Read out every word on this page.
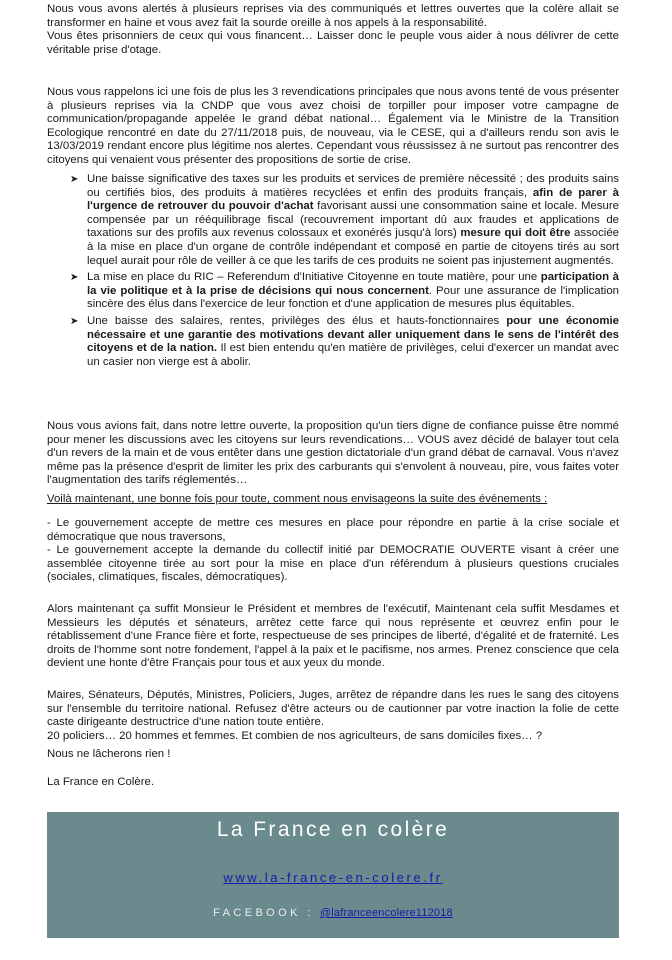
Nous vous avons alertés à plusieurs reprises via des communiqués et lettres ouvertes que la colère allait se transformer en haine et vous avez fait la sourde oreille à nos appels à la responsabilité.
Vous êtes prisonniers de ceux qui vous financent… Laisser donc le peuple vous aider à nous délivrer de cette véritable prise d'otage.

Nous vous rappelons ici une fois de plus les 3 revendications principales que nous avons tenté de vous présenter à plusieurs reprises via la CNDP que vous avez choisi de torpiller pour imposer votre campagne de communication/propagande appelée le grand débat national… Également via le Ministre de la Transition Ecologique rencontré en date du 27/11/2018 puis, de nouveau, via le CESE, qui a d'ailleurs rendu son avis le 13/03/2019 rendant encore plus légitime nos alertes. Cependant vous réussissez à ne surtout pas rencontrer des citoyens qui venaient vous présenter des propositions de sortie de crise.

➤ Une baisse significative des taxes sur les produits et services de première nécessité ; des produits sains ou certifiés bios, des produits à matières recyclées et enfin des produits français, afin de parer à l'urgence de retrouver du pouvoir d'achat favorisant aussi une consommation saine et locale. Mesure compensée par un rééquilibrage fiscal (recouvrement important dû aux fraudes et applications de taxations sur des profils aux revenus colossaux et exonérés jusqu'à lors) mesure qui doit être associée à la mise en place d'un organe de contrôle indépendant et composé en partie de citoyens tirés au sort lequel aurait pour rôle de veiller à ce que les tarifs de ces produits ne soient pas injustement augmentés.
➤ La mise en place du RIC – Referendum d'Initiative Citoyenne en toute matière, pour une participation à la vie politique et à la prise de décisions qui nous concernent. Pour une assurance de l'implication sincère des élus dans l'exercice de leur fonction et d'une application de mesures plus équitables.
➤ Une baisse des salaires, rentes, privilèges des élus et hauts-fonctionnaires pour une économie nécessaire et une garantie des motivations devant aller uniquement dans le sens de l'intérêt des citoyens et de la nation. Il est bien entendu qu'en matière de privilèges, celui d'exercer un mandat avec un casier non vierge est à abolir.

Nous vous avions fait, dans notre lettre ouverte, la proposition qu'un tiers digne de confiance puisse être nommé pour mener les discussions avec les citoyens sur leurs revendications… VOUS avez décidé de balayer tout cela d'un revers de la main et de vous entêter dans une gestion dictatoriale d'un grand débat de carnaval. Vous n'avez même pas la présence d'esprit de limiter les prix des carburants qui s'envolent à nouveau, pire, vous faites voter l'augmentation des tarifs réglementés…

Voilà maintenant, une bonne fois pour toute, comment nous envisageons la suite des événements :

- Le gouvernement accepte de mettre ces mesures en place pour répondre en partie à la crise sociale et démocratique que nous traversons,
- Le gouvernement accepte la demande du collectif initié par DEMOCRATIE OUVERTE visant à créer une assemblée citoyenne tirée au sort pour la mise en place d'un référendum à plusieurs questions cruciales (sociales, climatiques, fiscales, démocratiques).

Alors maintenant ça suffit Monsieur le Président et membres de l'exécutif, Maintenant cela suffit Mesdames et Messieurs les députés et sénateurs, arrêtez cette farce qui nous représente et œuvrez enfin pour le rétablissement d'une France fière et forte, respectueuse de ses principes de liberté, d'égalité et de fraternité. Les droits de l'homme sont notre fondement, l'appel à la paix et le pacifisme, nos armes. Prenez conscience que cela devient une honte d'être Français pour tous et aux yeux du monde.

Maires, Sénateurs, Députés, Ministres, Policiers, Juges, arrêtez de répandre dans les rues le sang des citoyens sur l'ensemble du territoire national. Refusez d'être acteurs ou de cautionner par votre inaction la folie de cette caste dirigeante destructrice d'une nation toute entière.
20 policiers… 20 hommes et femmes. Et combien de nos agriculteurs, de sans domiciles fixes… ?

Nous ne lâcherons rien !

La France en Colère.

La France en colère
www.la-france-en-colere.fr
FACEBOOK : @lafranceencolere112018
